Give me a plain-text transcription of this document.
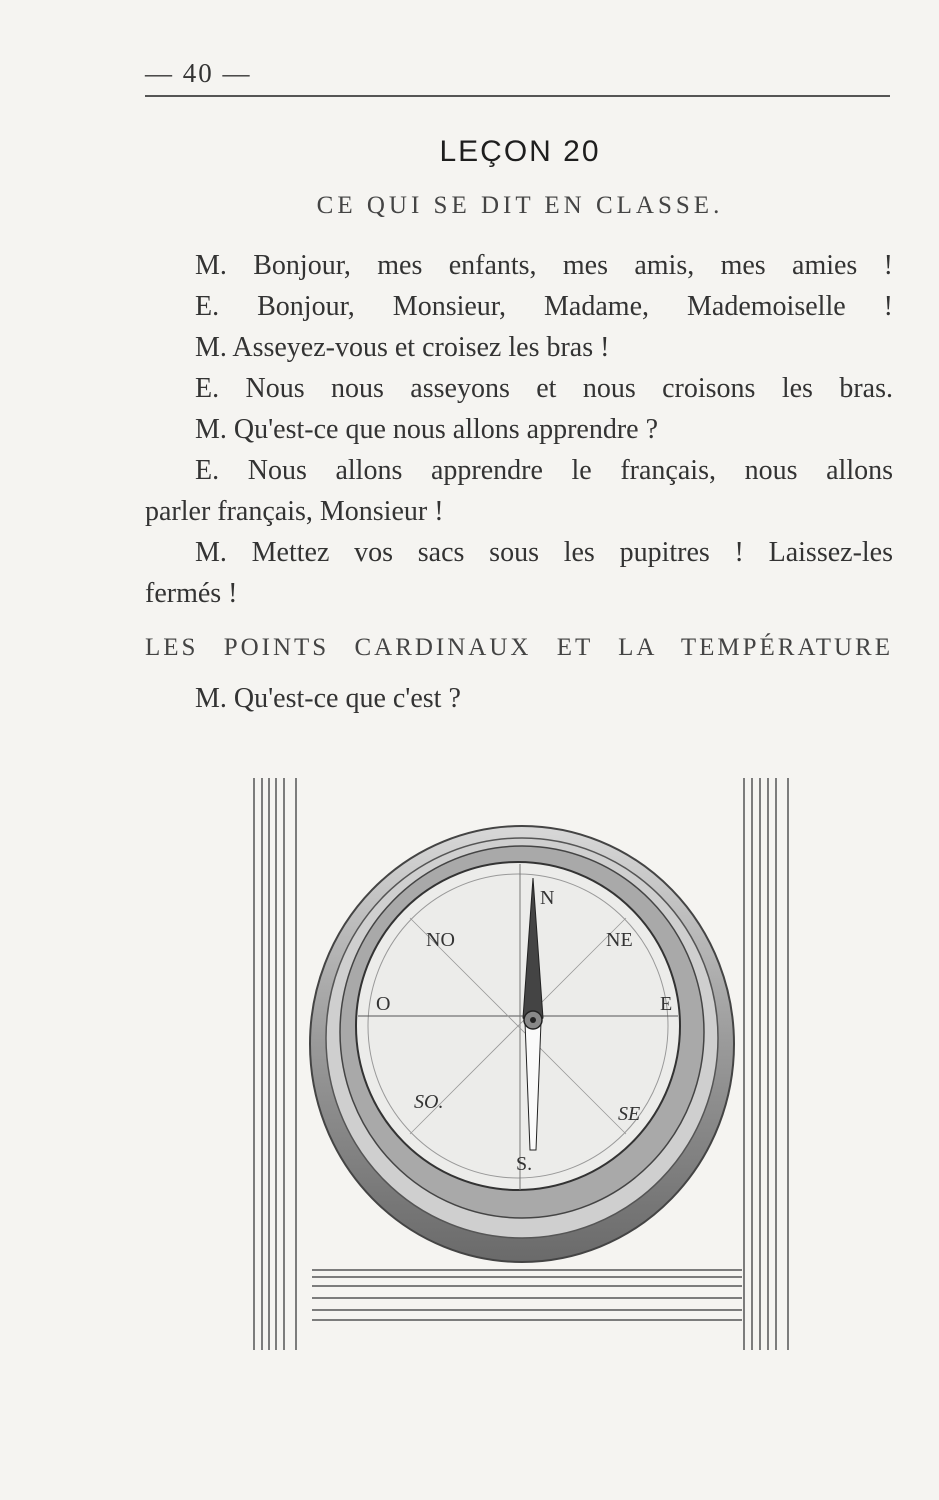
— 40 —
LEÇON 20
CE QUI SE DIT EN CLASSE.
M. Bonjour, mes enfants, mes amis, mes amies !
E. Bonjour, Monsieur, Madame, Mademoiselle !
M. Asseyez-vous et croisez les bras !
E. Nous nous asseyons et nous croisons les bras.
M. Qu'est-ce que nous allons apprendre ?
E. Nous allons apprendre le français, nous allons
parler français, Monsieur !
M. Mettez vos sacs sous les pupitres ! Laissez-les
fermés !
LES POINTS CARDINAUX ET LA TEMPÉRATURE
M. Qu'est-ce que c'est ?
N
NO	NE
O	E
SO.
SE
S.
